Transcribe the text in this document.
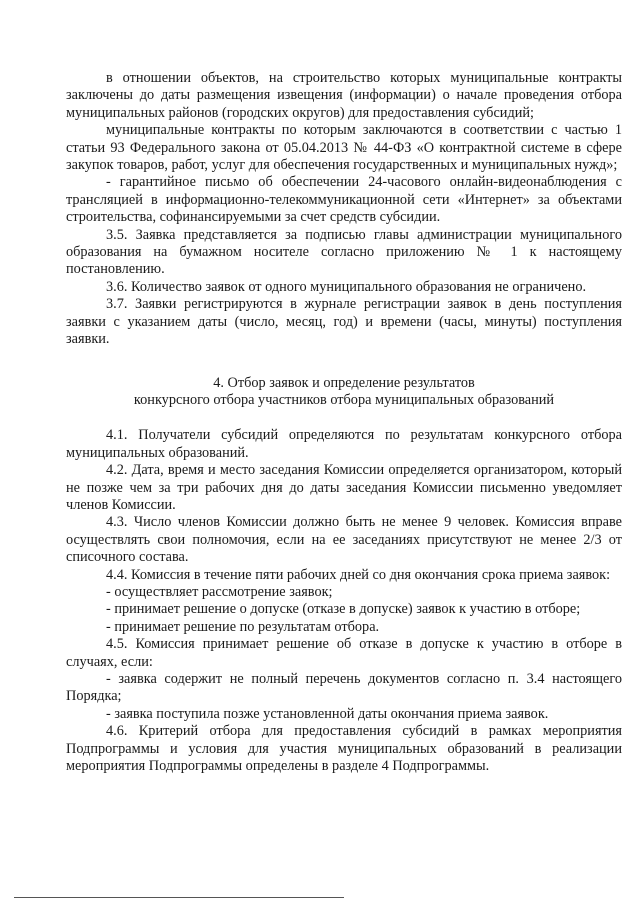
в отношении объектов, на строительство которых муниципальные контракты заключены до даты размещения извещения (информации) о начале проведения отбора муниципальных районов (городских округов) для предоставления субсидий;

муниципальные контракты по которым заключаются в соответствии с частью 1 статьи 93 Федерального закона от 05.04.2013 № 44-ФЗ «О контрактной системе в сфере закупок товаров, работ, услуг для обеспечения государственных и муниципальных нужд»;

- гарантийное письмо об обеспечении 24-часового онлайн-видеонаблюдения с трансляцией в информационно-телекоммуникационной сети «Интернет» за объектами строительства, софинансируемыми за счет средств субсидии.

3.5. Заявка представляется за подписью главы администрации муниципального образования на бумажном носителе согласно приложению № 1 к настоящему постановлению.

3.6. Количество заявок от одного муниципального образования не ограничено.

3.7. Заявки регистрируются в журнале регистрации заявок в день поступления заявки с указанием даты (число, месяц, год) и времени (часы, минуты) поступления заявки.

4. Отбор заявок и определение результатов

конкурсного отбора участников отбора муниципальных образований

4.1. Получатели субсидий определяются по результатам конкурсного отбора муниципальных образований.

4.2. Дата, время и место заседания Комиссии определяется организатором, который не позже чем за три рабочих дня до даты заседания Комиссии письменно уведомляет членов Комиссии.

4.3. Число членов Комиссии должно быть не менее 9 человек. Комиссия вправе осуществлять свои полномочия, если на ее заседаниях присутствуют не менее 2/3 от списочного состава.

4.4. Комиссия в течение пяти рабочих дней со дня окончания срока приема заявок:

- осуществляет рассмотрение заявок;

- принимает решение о допуске (отказе в допуске) заявок к участию в отборе;

- принимает решение по результатам отбора.

4.5. Комиссия принимает решение об отказе в допуске к участию в отборе в случаях, если:

- заявка содержит не полный перечень документов согласно п. 3.4 настоящего Порядка;

- заявка поступила позже установленной даты окончания приема заявок.

4.6. Критерий отбора для предоставления субсидий в рамках мероприятия Подпрограммы и условия для участия муниципальных образований в реализации мероприятия Подпрограммы определены в разделе 4 Подпрограммы.
